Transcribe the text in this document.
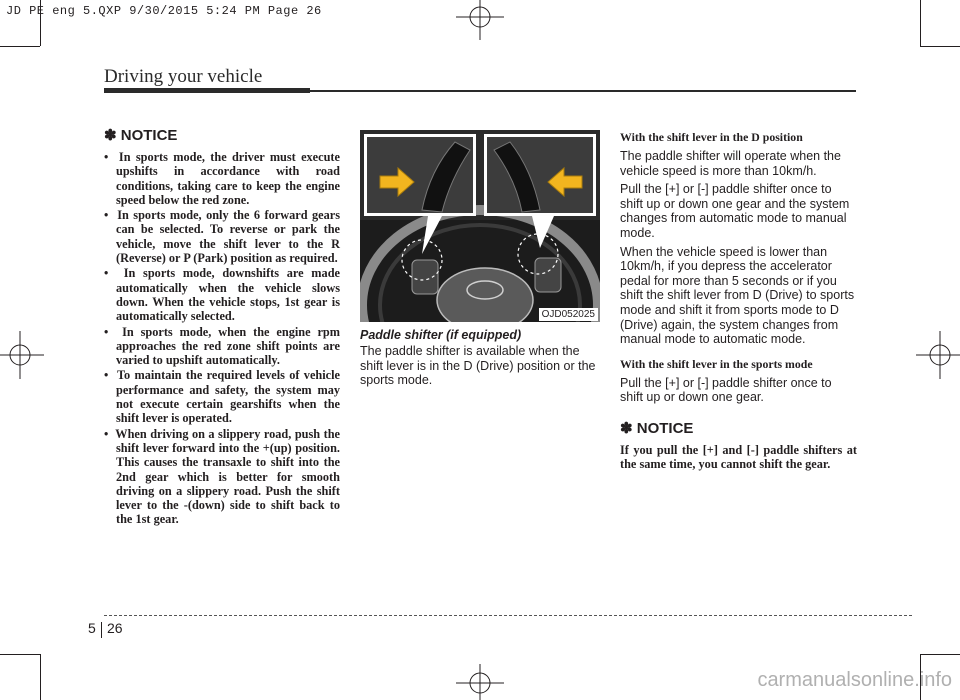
JD PE eng 5.QXP 9/30/2015 5:24 PM Page 26
Driving your vehicle
✽ NOTICE
•  In sports mode, the driver must execute upshifts in accordance with road conditions, taking care to keep the engine speed below the red zone.
•  In sports mode, only the 6 forward gears can be selected. To reverse or park the vehicle, move the shift lever to the R (Reverse) or P (Park) position as required.
•  In sports mode, downshifts are made automatically when the vehicle slows down. When the vehicle stops, 1st gear is automatically selected.
•  In sports mode, when the engine rpm approaches the red zone shift points are varied to upshift automatically.
•  To maintain the required levels of vehicle performance and safety, the system may not execute certain gearshifts when the shift lever is operated.
•  When driving on a slippery road, push the shift lever forward into the +(up) position. This causes the transaxle to shift into the 2nd gear which is better for smooth driving on a slippery road. Push the shift lever to the -(down) side to shift back to the 1st gear.
OJD052025
Paddle shifter (if equipped)

The paddle shifter is available when the shift lever is in the D (Drive) position or the sports mode.

With the shift lever in the D position

The paddle shifter will operate when the vehicle speed is more than 10km/h.

Pull the [+] or [-] paddle shifter once to shift up or down one gear and the system changes from automatic mode to manual mode.

When the vehicle speed is lower than 10km/h, if you depress the accelerator pedal for more than 5 seconds or if you shift the shift lever from D (Drive) to sports mode and shift it from sports mode to D (Drive) again, the system changes from manual mode to automatic mode.

With the shift lever in the sports mode

Pull the [+] or [-] paddle shifter once to shift up or down one gear.

✽ NOTICE

If you pull the [+] and [-] paddle shifters at the same time, you cannot shift the gear.

5 26
carmanualsonline.info
